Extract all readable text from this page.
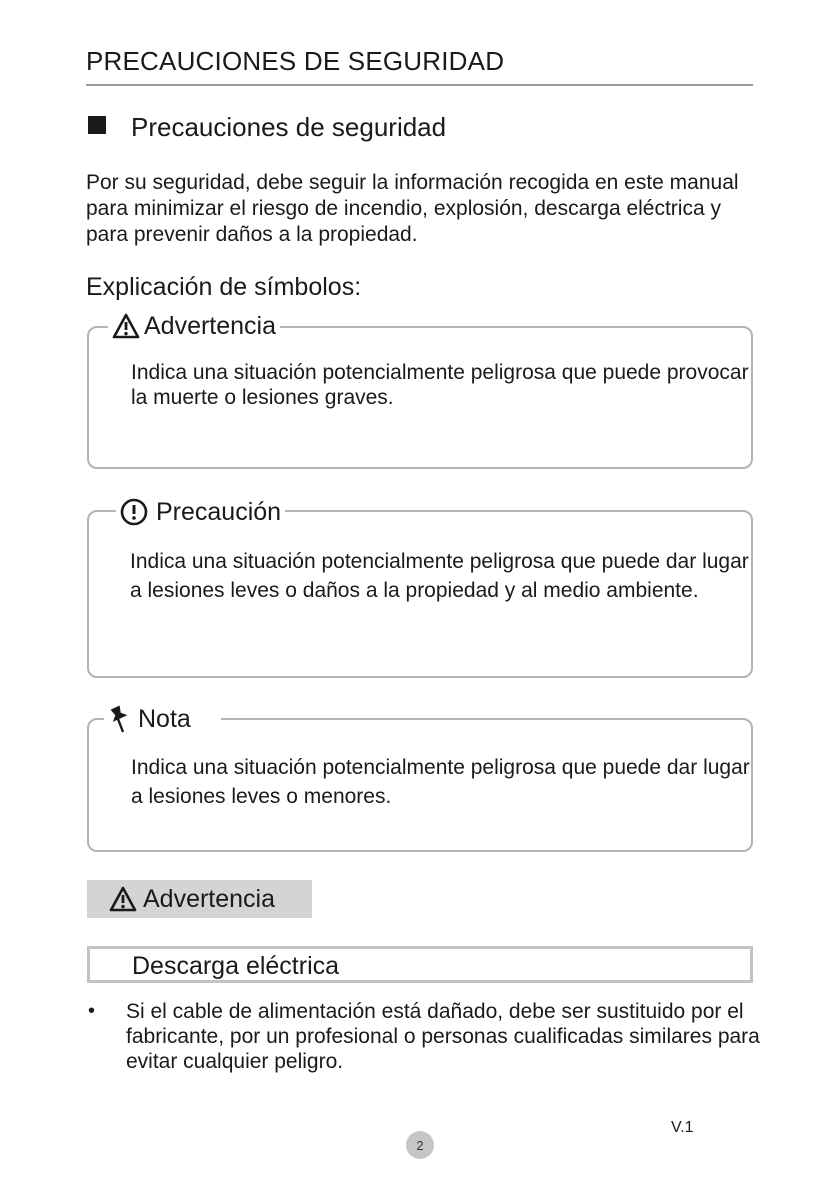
PRECAUCIONES DE SEGURIDAD
Precauciones de seguridad
Por su seguridad, debe seguir la información recogida en este manual para minimizar el riesgo de incendio, explosión, descarga eléctrica y para prevenir daños a la propiedad.
Explicación de símbolos:
Advertencia
Indica una situación potencialmente peligrosa que puede provocar la muerte o lesiones graves.
Precaución
Indica una situación potencialmente peligrosa que puede dar lugar a lesiones leves o daños a la propiedad y al medio ambiente.
Nota
Indica una situación potencialmente peligrosa que puede dar lugar a lesiones leves o menores.
Advertencia
Descarga eléctrica
• Si el cable de alimentación está dañado, debe ser sustituido por el fabricante, por un profesional o personas cualificadas similares para evitar cualquier peligro.
V.1
2
